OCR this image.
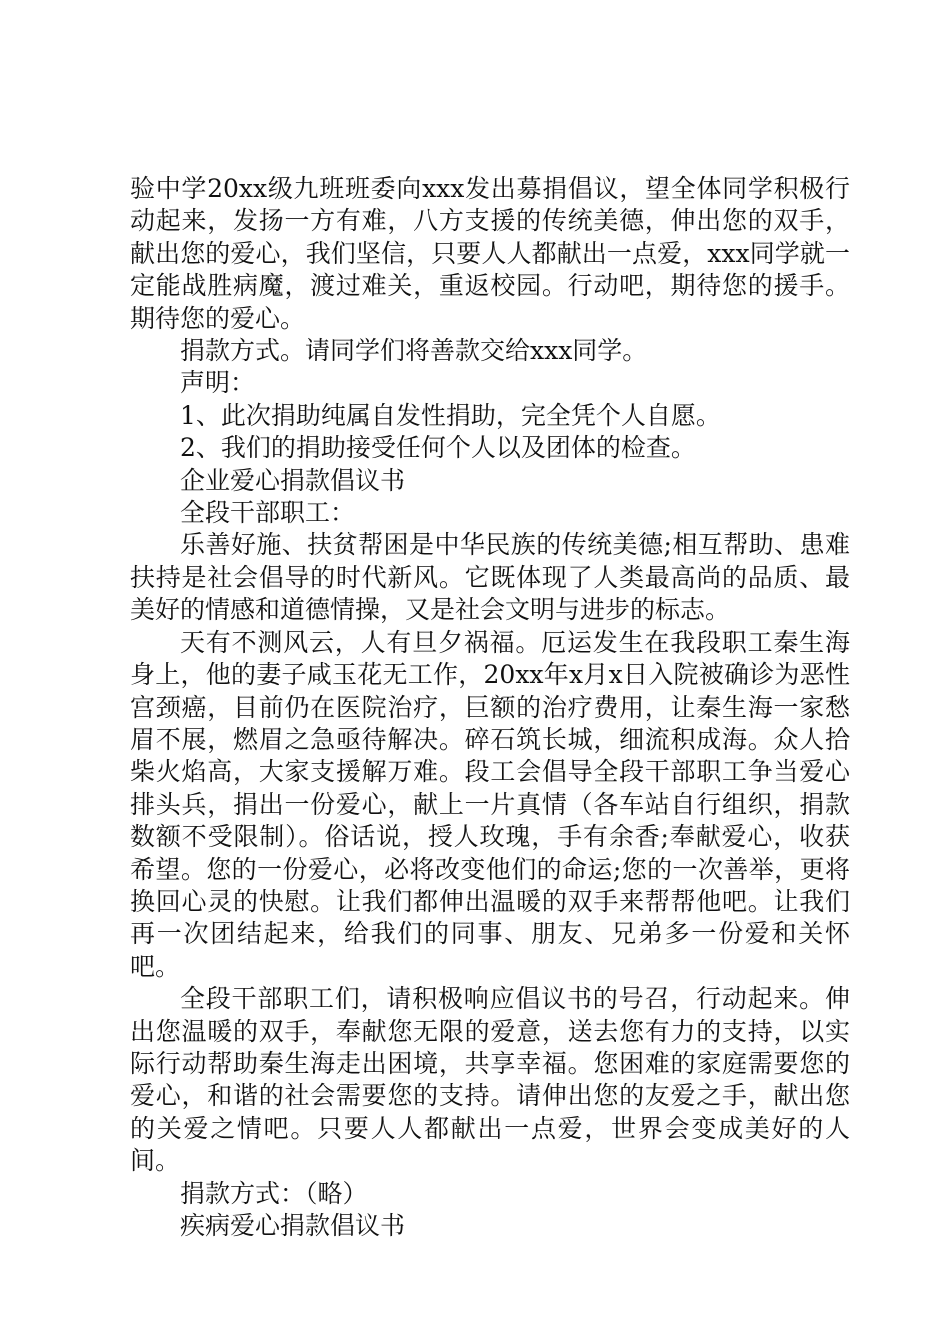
验中学20xx级九班班委向xxx发出募捐倡议，望全体同学积极行动起来，发扬一方有难，八方支援的传统美德，伸出您的双手，献出您的爱心，我们坚信，只要人人都献出一点爱，xxx同学就一定能战胜病魔，渡过难关，重返校园。行动吧，期待您的援手。期待您的爱心。

捐款方式。请同学们将善款交给xxx同学。

声明：

1、此次捐助纯属自发性捐助，完全凭个人自愿。

2、我们的捐助接受任何个人以及团体的检查。

企业爱心捐款倡议书

全段干部职工：

乐善好施、扶贫帮困是中华民族的传统美德;相互帮助、患难扶持是社会倡导的时代新风。它既体现了人类最高尚的品质、最美好的情感和道德情操，又是社会文明与进步的标志。

天有不测风云，人有旦夕祸福。厄运发生在我段职工秦生海身上，他的妻子咸玉花无工作，20xx年x月x日入院被确诊为恶性宫颈癌，目前仍在医院治疗，巨额的治疗费用，让秦生海一家愁眉不展，燃眉之急亟待解决。碎石筑长城，细流积成海。众人拾柴火焰高，大家支援解万难。段工会倡导全段干部职工争当爱心排头兵，捐出一份爱心，献上一片真情（各车站自行组织，捐款数额不受限制）。俗话说，授人玫瑰，手有余香;奉献爱心，收获希望。您的一份爱心，必将改变他们的命运;您的一次善举，更将换回心灵的快慰。让我们都伸出温暖的双手来帮帮他吧。让我们再一次团结起来，给我们的同事、朋友、兄弟多一份爱和关怀吧。

全段干部职工们，请积极响应倡议书的号召，行动起来。伸出您温暖的双手，奉献您无限的爱意，送去您有力的支持，以实际行动帮助秦生海走出困境，共享幸福。您困难的家庭需要您的爱心，和谐的社会需要您的支持。请伸出您的友爱之手，献出您的关爱之情吧。只要人人都献出一点爱，世界会变成美好的人间。

捐款方式：（略）

疾病爱心捐款倡议书
